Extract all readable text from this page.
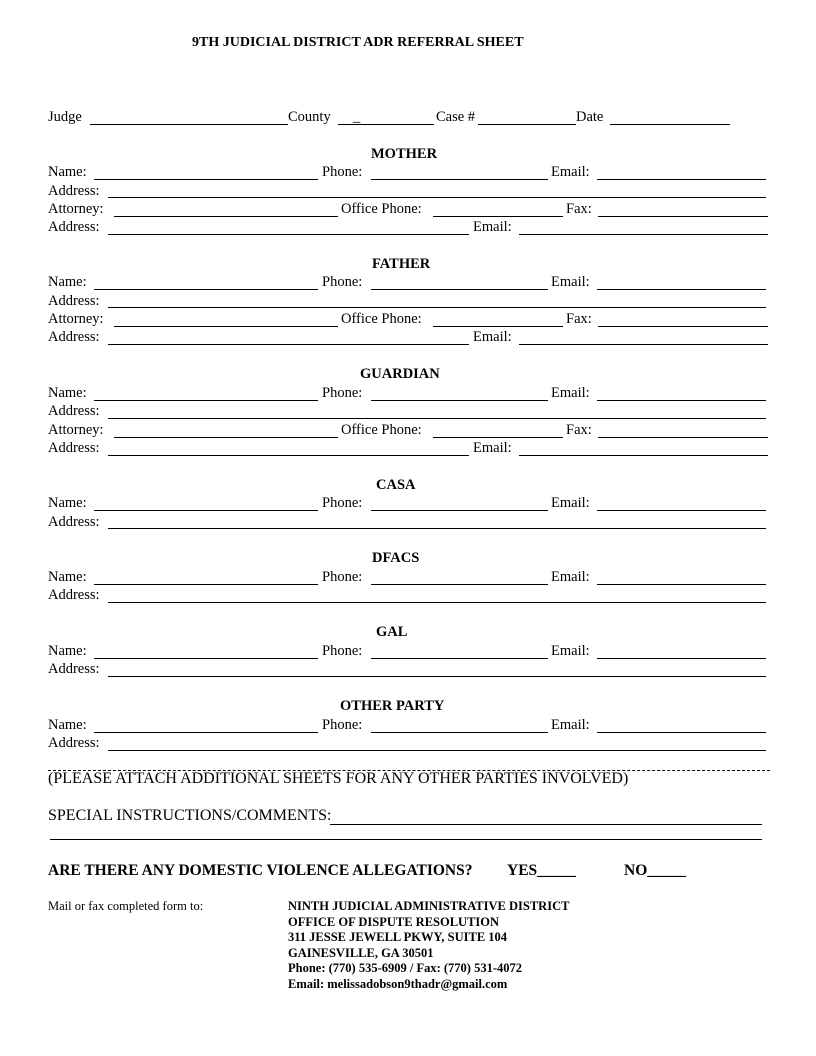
9TH JUDICIAL DISTRICT ADR REFERRAL SHEET
Judge	County _	Case #	Date
MOTHER
Name:	Phone:	Email:
Address:
Attorney:	Office Phone:	Fax:
Address:	Email:
FATHER
Name:	Phone:	Email:
Address:
Attorney:	Office Phone:	Fax:
Address:	Email:
GUARDIAN
Name:	Phone:	Email:
Address:
Attorney:	Office Phone:	Fax:
Address:	Email:
CASA
Name:	Phone:	Email:
Address:
DFACS
Name:	Phone:	Email:
Address:
GAL
Name:	Phone:	Email:
Address:
OTHER PARTY
Name:	Phone:	Email:
Address:
(PLEASE ATTACH ADDITIONAL SHEETS FOR ANY OTHER PARTIES INVOLVED)
SPECIAL INSTRUCTIONS/COMMENTS:
ARE THERE ANY DOMESTIC VIOLENCE ALLEGATIONS? YES_____	NO_____
Mail or fax completed form to:	NINTH JUDICIAL ADMINISTRATIVE DISTRICT
OFFICE OF DISPUTE RESOLUTION
311 JESSE JEWELL PKWY, SUITE 104
GAINESVILLE, GA 30501
Phone: (770) 535-6909 / Fax: (770) 531-4072
Email: melissadobson9thadr@gmail.com
